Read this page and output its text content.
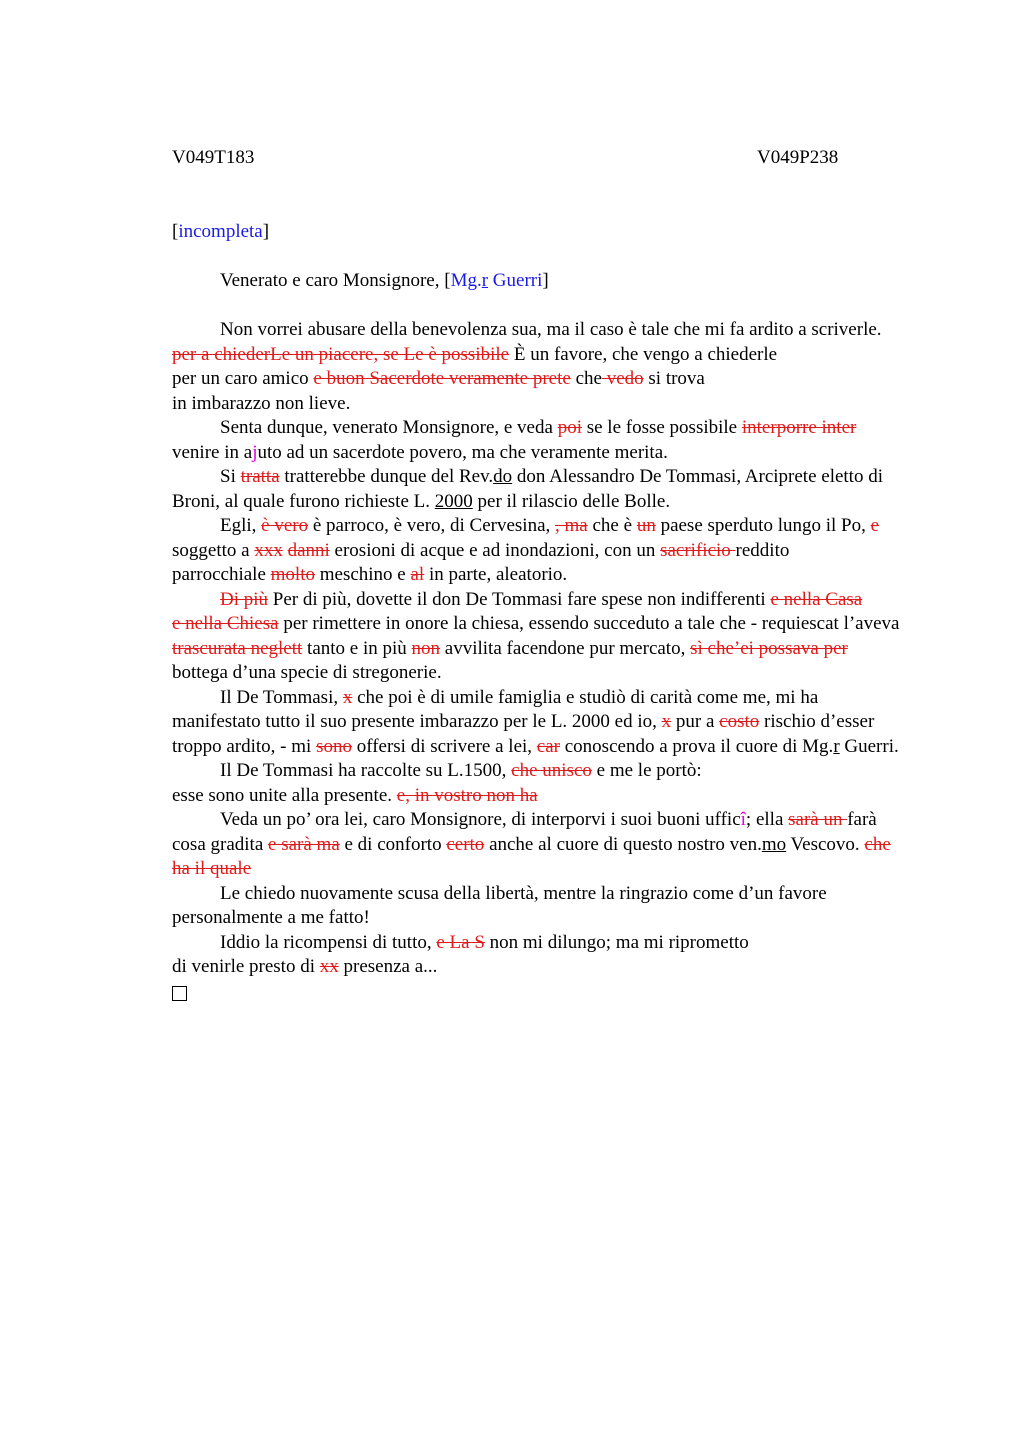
V049T183	V049P238
[incompleta]
Venerato e caro Monsignore, [Mg.r Guerri]

Non vorrei abusare della benevolenza sua, ma il caso è tale che mi fa ardito a scriverle. per a chiederLe un piacere, se Le è possibile È un favore, che vengo a chiederle

per un caro amico e buon Sacerdote veramente prete che vedo si trova

in imbarazzo non lieve.

Senta dunque, venerato Monsignore, e veda poi se le fosse possibile interporre inter

venire in ajuto ad un sacerdote povero, ma che veramente merita.

Si tratta tratterebbe dunque del Rev.do don Alessandro De Tommasi, Arciprete eletto di Broni, al quale furono richieste L. 2000 per il rilascio delle Bolle.

Egli, è vero è parroco, è vero, di Cervesina, , ma che è un paese sperduto lungo il Po, e soggetto a xxx danni erosioni di acque e ad inondazioni, con un sacrificio reddito

parrocchiale molto meschino e al in parte, aleatorio.

Di più Per di più, dovette il don De Tommasi fare spese non indifferenti e nella Casa

e nella Chiesa per rimettere in onore la chiesa, essendo succeduto a tale che - requiescat l’aveva trascurata neglett tanto e in più non avvilita facendone pur mercato, sì che’ei possava per bottega d’una specie di stregonerie.

Il De Tommasi, x che poi è di umile famiglia e studiò di carità come me, mi ha manifestato tutto il suo presente imbarazzo per le L. 2000 ed io, x pur a costo rischio d’esser troppo ardito, - mi sono offersi di scrivere a lei, car conoscendo a prova il cuore di Mg.r Guerri.

Il De Tommasi ha raccolte su L.1500, che unisco e me le portò:

esse sono unite alla presente. e, in vostro non ha

Veda un po’ ora lei, caro Monsignore, di interporvi i suoi buoni ufficî; ella sarà un farà cosa gradita e sarà ma e di conforto certo anche al cuore di questo nostro ven.mo Vescovo. che ha il quale

Le chiedo nuovamente scusa della libertà, mentre la ringrazio come d’un favore personalmente a me fatto!

Iddio la ricompensi di tutto, e La S non mi dilungo; ma mi riprometto

di venirle presto di xx presenza a...
